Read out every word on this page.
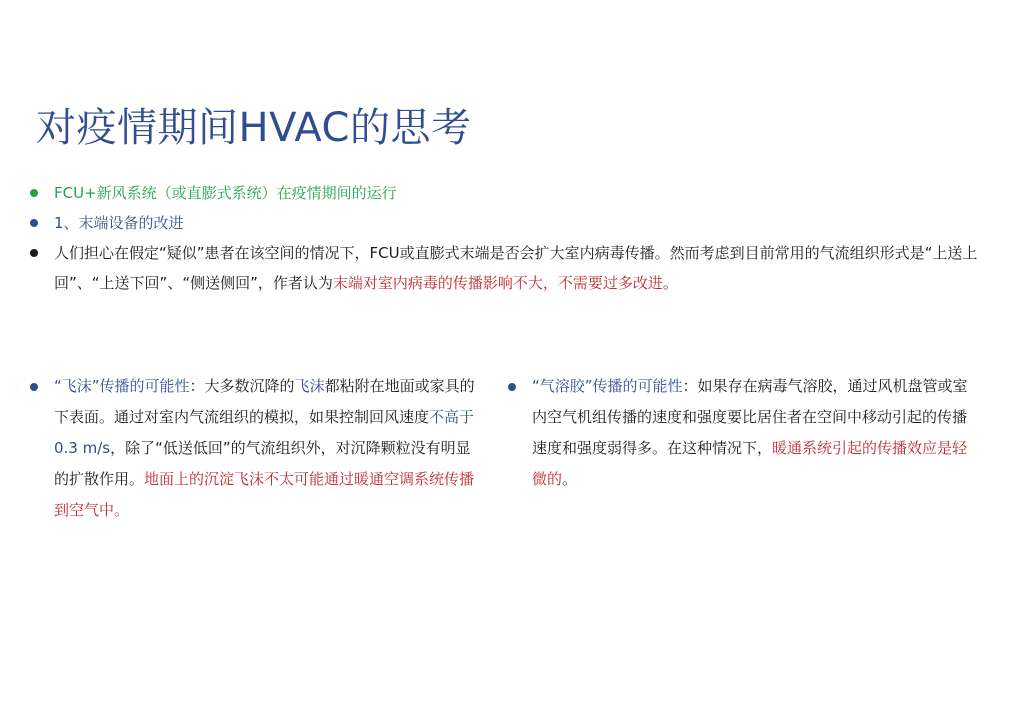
对疫情期间HVAC的思考
FCU+新风系统（或直膨式系统）在疫情期间的运行
1、末端设备的改进
人们担心在假定“疑似”患者在该空间的情况下，FCU或直膨式末端是否会扩大室内病毒传播。然而考虑到目前常用的气流组织形式是“上送上回”、“上送下回”、“侧送侧回”，作者认为末端对室内病毒的传播影响不大，不需要过多改进。
“飞沫”传播的可能性：大多数沉降的飞沫都粘附在地面或家具的下表面。通过对室内气流组织的模拟，如果控制回风速度不高于0.3 m/s，除了“低送低回”的气流组织外，对沉降颗粒没有明显的扩散作用。地面上的沉淀飞沫不太可能通过暖通空调系统传播到空气中。
“气溶胶”传播的可能性：如果存在病毒气溶胶，通过风机盘管或室内空气机组传播的速度和强度要比居住者在空间中移动引起的传播速度和强度弱得多。在这种情况下，暖通系统引起的传播效应是轻微的。
